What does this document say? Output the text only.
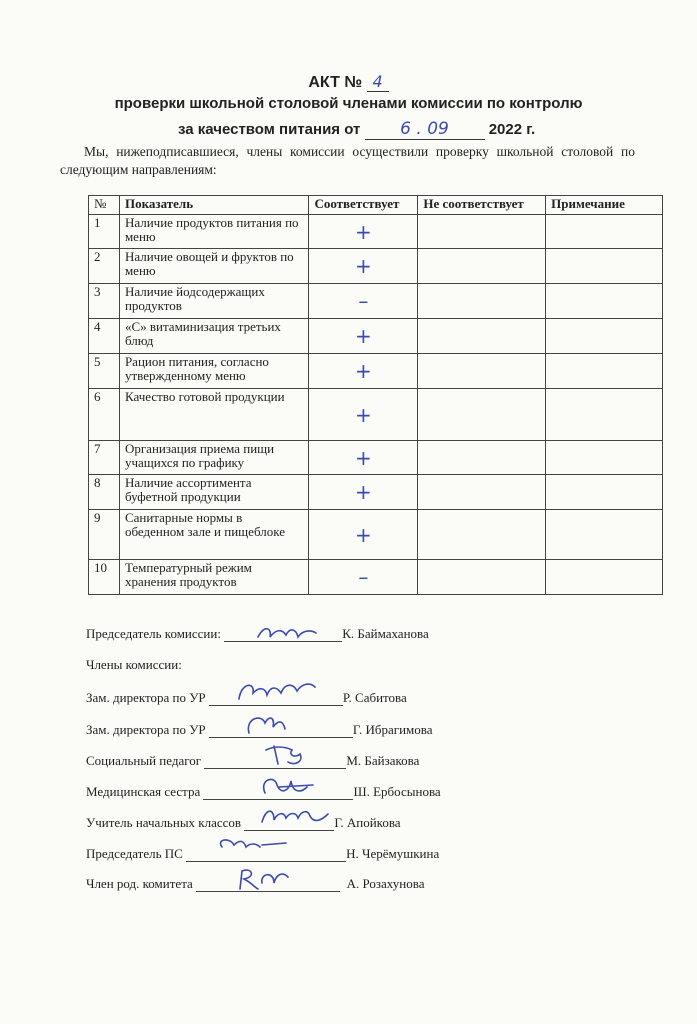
АКТ № 4
проверки школьной столовой членами комиссии по контролю
за качеством питания от 6 . 09	2022 г.
Мы, нижеподписавшиеся, члены комиссии осуществили проверку школьной столовой по следующим направлениям:
№	Показатель	Соответствует	Не соответствует	Примечание
1	Наличие продуктов питания по меню	+		
2	Наличие овощей и фруктов по меню	+		
3	Наличие йодсодержащих продуктов	–		
4	«С» витаминизация третьих блюд	+		
5	Рацион питания, согласно утвержденному меню	+		
6	Качество готовой продукции	+		
7	Организация приема пищи учащихся по графику	+		
8	Наличие ассортимента буфетной продукции	+		
9	Санитарные нормы в обеденном зале и пищеблоке	+		
10	Температурный режим хранения продуктов	–		
Председатель комиссии:	К. Баймаханова
Члены комиссии:
Зам. директора по УР	Р. Сабитова
Зам. директора по УР	Г. Ибрагимова
Социальный педагог	М. Байзакова
Медицинская сестра	Ш. Ербосынова
Учитель начальных классов	Г. Апойкова
Председатель ПС	Н. Черёмушкина
Член род. комитета	А. Розахунова
